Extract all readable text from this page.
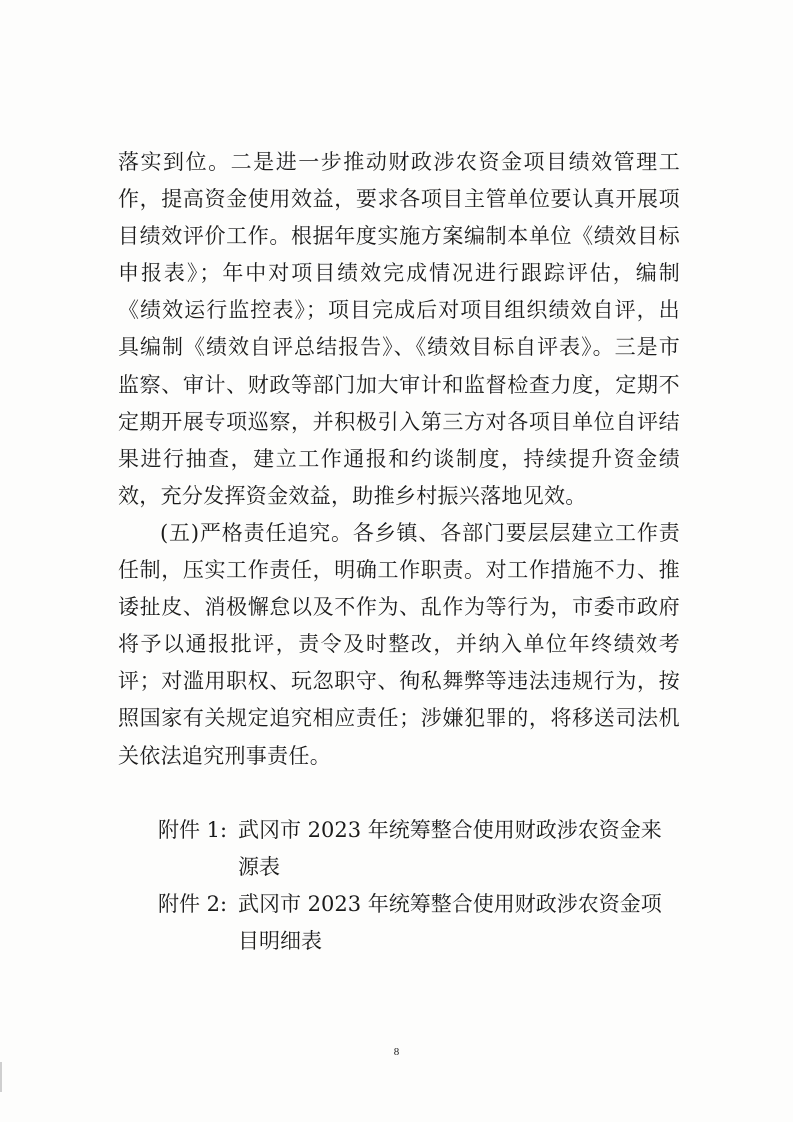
落实到位。二是进一步推动财政涉农资金项目绩效管理工作，提高资金使用效益，要求各项目主管单位要认真开展项目绩效评价工作。根据年度实施方案编制本单位《绩效目标申报表》；年中对项目绩效完成情况进行跟踪评估，编制《绩效运行监控表》；项目完成后对项目组织绩效自评，出具编制《绩效自评总结报告》、《绩效目标自评表》。三是市监察、审计、财政等部门加大审计和监督检查力度，定期不定期开展专项巡察，并积极引入第三方对各项目单位自评结果进行抽查，建立工作通报和约谈制度，持续提升资金绩效，充分发挥资金效益，助推乡村振兴落地见效。

(五)严格责任追究。各乡镇、各部门要层层建立工作责任制，压实工作责任，明确工作职责。对工作措施不力、推诿扯皮、消极懈怠以及不作为、乱作为等行为，市委市政府将予以通报批评，责令及时整改，并纳入单位年终绩效考评；对滥用职权、玩忽职守、徇私舞弊等违法违规行为，按照国家有关规定追究相应责任；涉嫌犯罪的，将移送司法机关依法追究刑事责任。

附件 1: 武冈市 2023 年统筹整合使用财政涉农资金来源表
附件 2: 武冈市 2023 年统筹整合使用财政涉农资金项目明细表
8
